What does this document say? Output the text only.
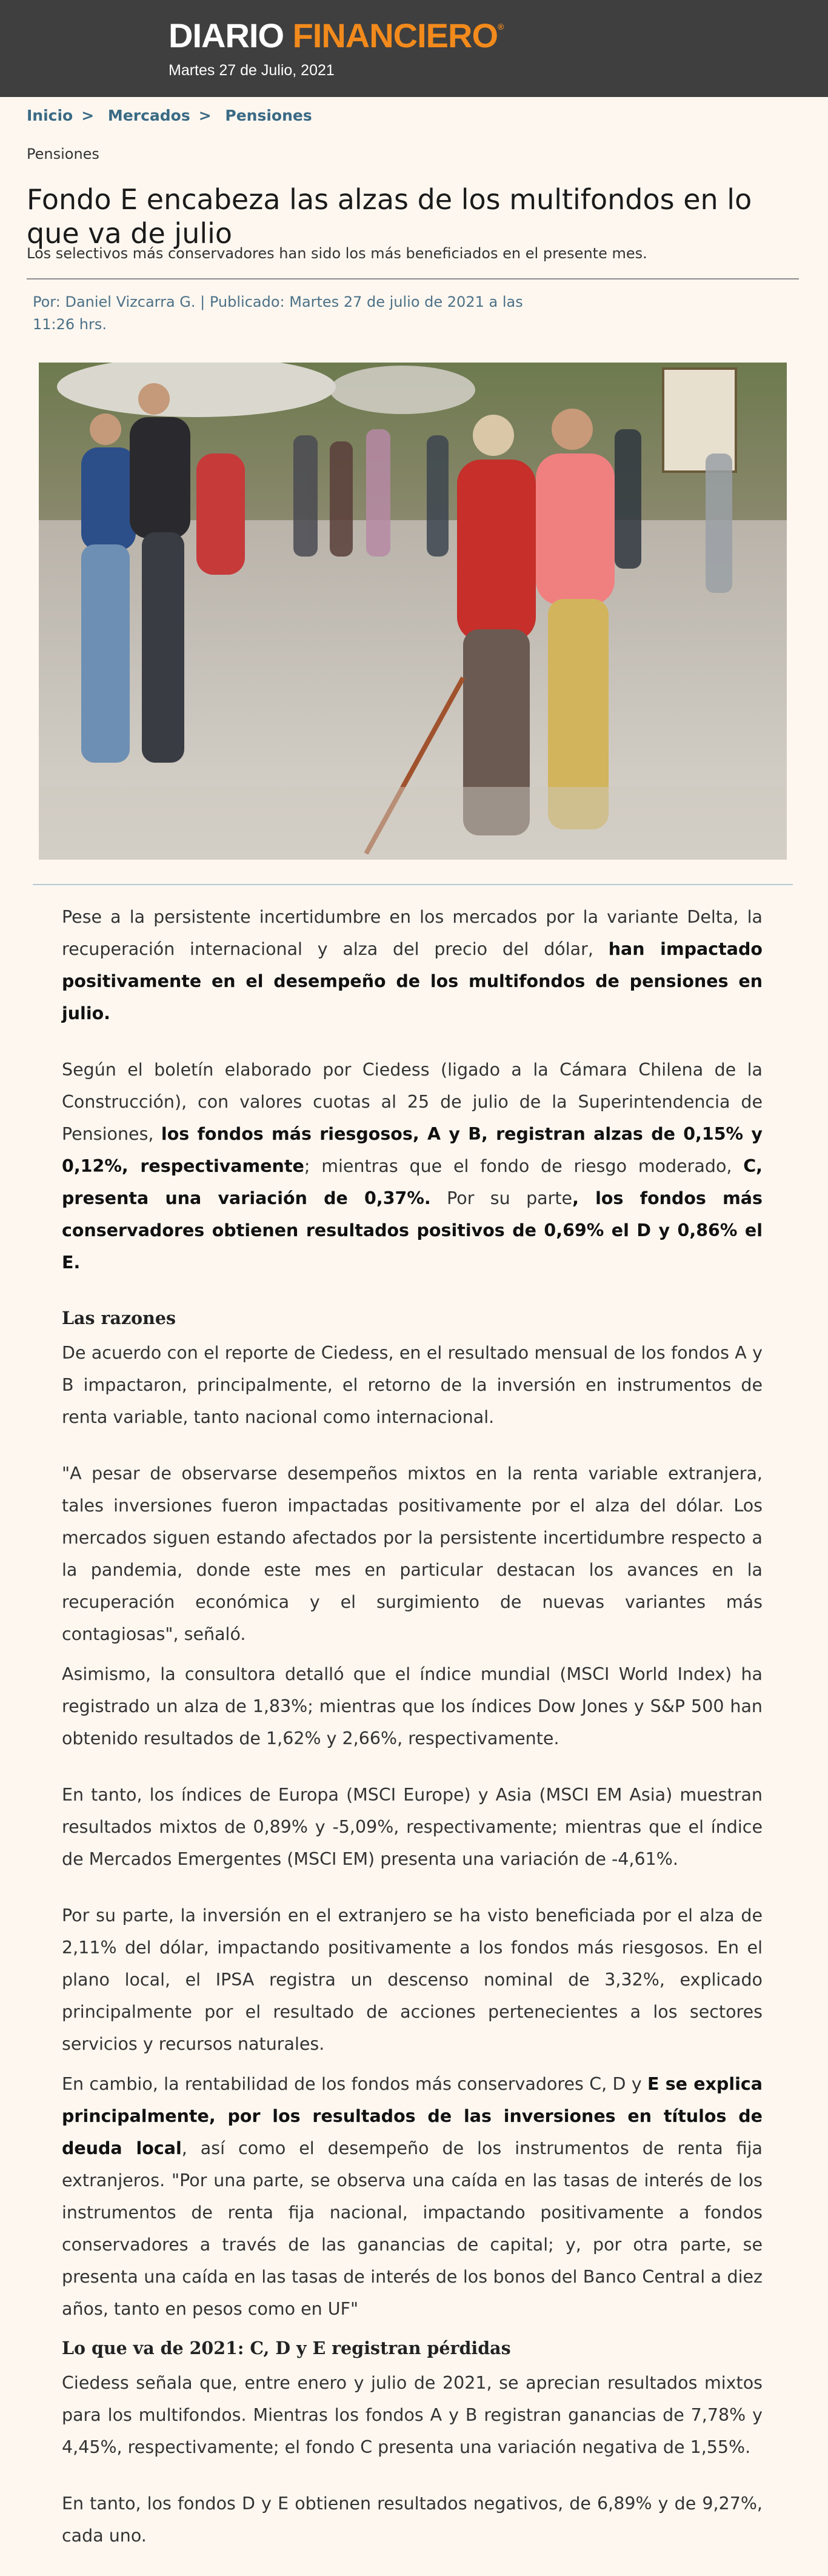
DIARIO FINANCIERO®
Martes 27 de Julio, 2021
Inicio > Mercados > Pensiones
Pensiones
Fondo E encabeza las alzas de los multifondos en lo que va de julio
Los selectivos más conservadores han sido los más beneficiados en el presente mes.
Por: Daniel Vizcarra G. | Publicado: Martes 27 de julio de 2021 a las 11:26 hrs.

Pese a la persistente incertidumbre en los mercados por la variante Delta, la recuperación internacional y alza del precio del dólar, han impactado positivamente en el desempeño de los multifondos de pensiones en julio.

Según el boletín elaborado por Ciedess (ligado a la Cámara Chilena de la Construcción), con valores cuotas al 25 de julio de la Superintendencia de Pensiones, los fondos más riesgosos, A y B, registran alzas de 0,15% y 0,12%, respectivamente; mientras que el fondo de riesgo moderado, C, presenta una variación de 0,37%. Por su parte, los fondos más conservadores obtienen resultados positivos de 0,69% el D y 0,86% el E.

Las razones

De acuerdo con el reporte de Ciedess, en el resultado mensual de los fondos A y B impactaron, principalmente, el retorno de la inversión en instrumentos de renta variable, tanto nacional como internacional.

"A pesar de observarse desempeños mixtos en la renta variable extranjera, tales inversiones fueron impactadas positivamente por el alza del dólar. Los mercados siguen estando afectados por la persistente incertidumbre respecto a la pandemia, donde este mes en particular destacan los avances en la recuperación económica y el surgimiento de nuevas variantes más contagiosas", señaló.

Asimismo, la consultora detalló que el índice mundial (MSCI World Index) ha registrado un alza de 1,83%; mientras que los índices Dow Jones y S&P 500 han obtenido resultados de 1,62% y 2,66%, respectivamente.

En tanto, los índices de Europa (MSCI Europe) y Asia (MSCI EM Asia) muestran resultados mixtos de 0,89% y -5,09%, respectivamente; mientras que el índice de Mercados Emergentes (MSCI EM) presenta una variación de -4,61%.

Por su parte, la inversión en el extranjero se ha visto beneficiada por el alza de 2,11% del dólar, impactando positivamente a los fondos más riesgosos. En el plano local, el IPSA registra un descenso nominal de 3,32%, explicado principalmente por el resultado de acciones pertenecientes a los sectores servicios y recursos naturales.

En cambio, la rentabilidad de los fondos más conservadores C, D y E se explica principalmente, por los resultados de las inversiones en títulos de deuda local, así como el desempeño de los instrumentos de renta fija extranjeros. "Por una parte, se observa una caída en las tasas de interés de los instrumentos de renta fija nacional, impactando positivamente a fondos conservadores a través de las ganancias de capital; y, por otra parte, se presenta una caída en las tasas de interés de los bonos del Banco Central a diez años, tanto en pesos como en UF"

Lo que va de 2021: C, D y E registran pérdidas

Ciedess señala que, entre enero y julio de 2021, se aprecian resultados mixtos para los multifondos. Mientras los fondos A y B registran ganancias de 7,78% y 4,45%, respectivamente; el fondo C presenta una variación negativa de 1,55%.

En tanto, los fondos D y E obtienen resultados negativos, de 6,89% y de 9,27%, cada uno.
